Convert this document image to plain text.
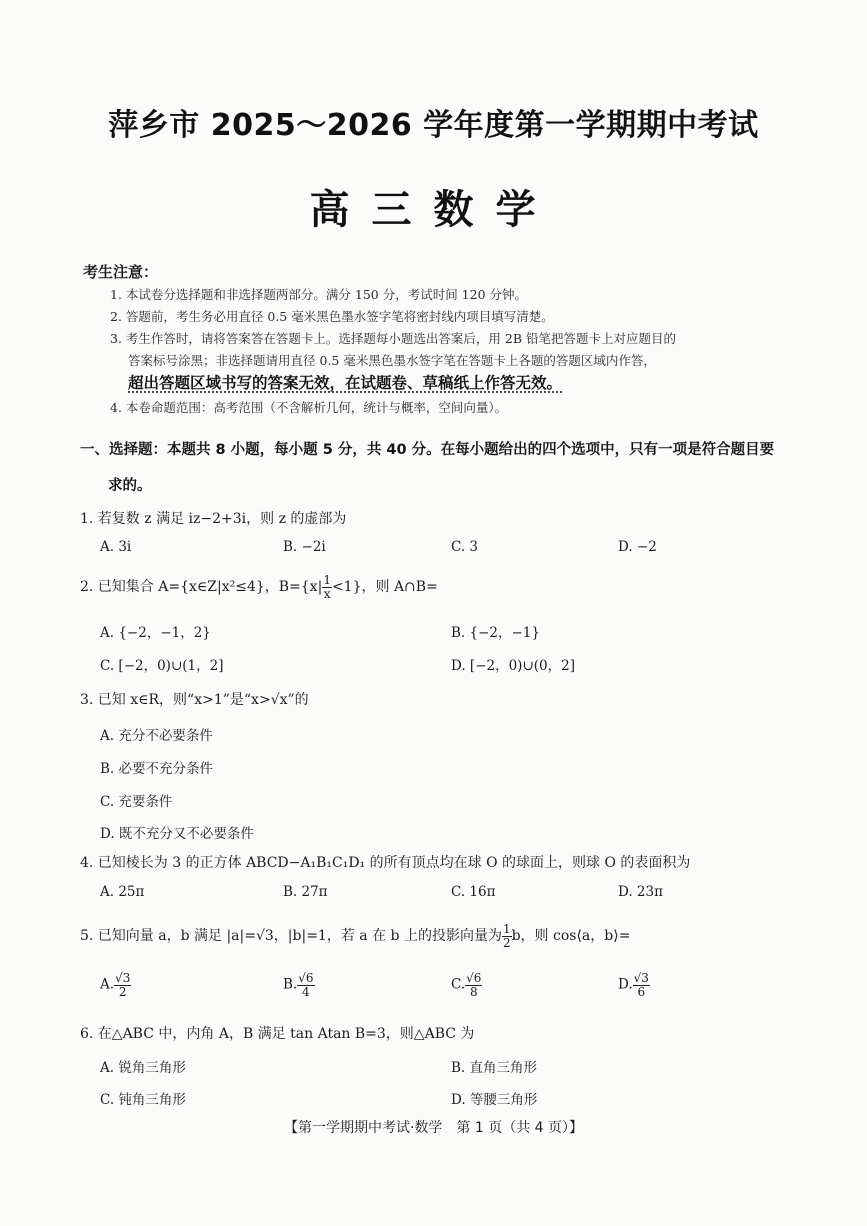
萍乡市 2025～2026 学年度第一学期期中考试
高三数学
考生注意：
1. 本试卷分选择题和非选择题两部分。满分 150 分，考试时间 120 分钟。
2. 答题前，考生务必用直径 0.5 毫米黑色墨水签字笔将密封线内项目填写清楚。
3. 考生作答时，请将答案答在答题卡上。选择题每小题选出答案后，用 2B 铅笔把答题卡上对应题目的
答案标号涂黑；非选择题请用直径 0.5 毫米黑色墨水签字笔在答题卡上各题的答题区域内作答，
超出答题区域书写的答案无效，在试题卷、草稿纸上作答无效。
4. 本卷命题范围：高考范围（不含解析几何，统计与概率，空间向量）。
一、选择题：本题共 8 小题，每小题 5 分，共 40 分。在每小题给出的四个选项中，只有一项是符合题目要
求的。
1. 若复数 z 满足 iz−2+3i，则 z 的虚部为
A. 3i	B. −2i	C. 3	D. −2
2. 已知集合 A={x∈Z|x²≤4}，$B=\{x| \frac{1}{x} <1\}$，则 A∩B=
A. {−2，−1，2}	B. {−2，−1}
C. [−2，0)∪(1，2]	D. [−2，0)∪(0，2]
3. 已知 x∈R，则“x>1”是“x>√x”的
A. 充分不必要条件
B. 必要不充分条件
C. 充要条件
D. 既不充分又不必要条件
4. 已知棱长为 3 的正方体 ABCD−A₁B₁C₁D₁ 的所有顶点均在球 O 的球面上，则球 O 的表面积为
A. 25π	B. 27π	C. 16π	D. 23π
5. 已知向量 a，b 满足 |a|=√3，|b|=1，若 a 在 b 上的投影向量为 $\frac{1}{2}$ b，则 cos⟨a，b⟩=
A. $\frac{√3}{2}$	B. $\frac{√6}{4}$	C. $\frac{√6}{8}$	D. $\frac{√3}{6}$
6. 在△ABC 中，内角 A，B 满足 tan Atan B=3，则△ABC 为
A. 锐角三角形	B. 直角三角形
C. 钝角三角形	D. 等腰三角形
【第一学期期中考试·数学　第 1 页（共 4 页）】
